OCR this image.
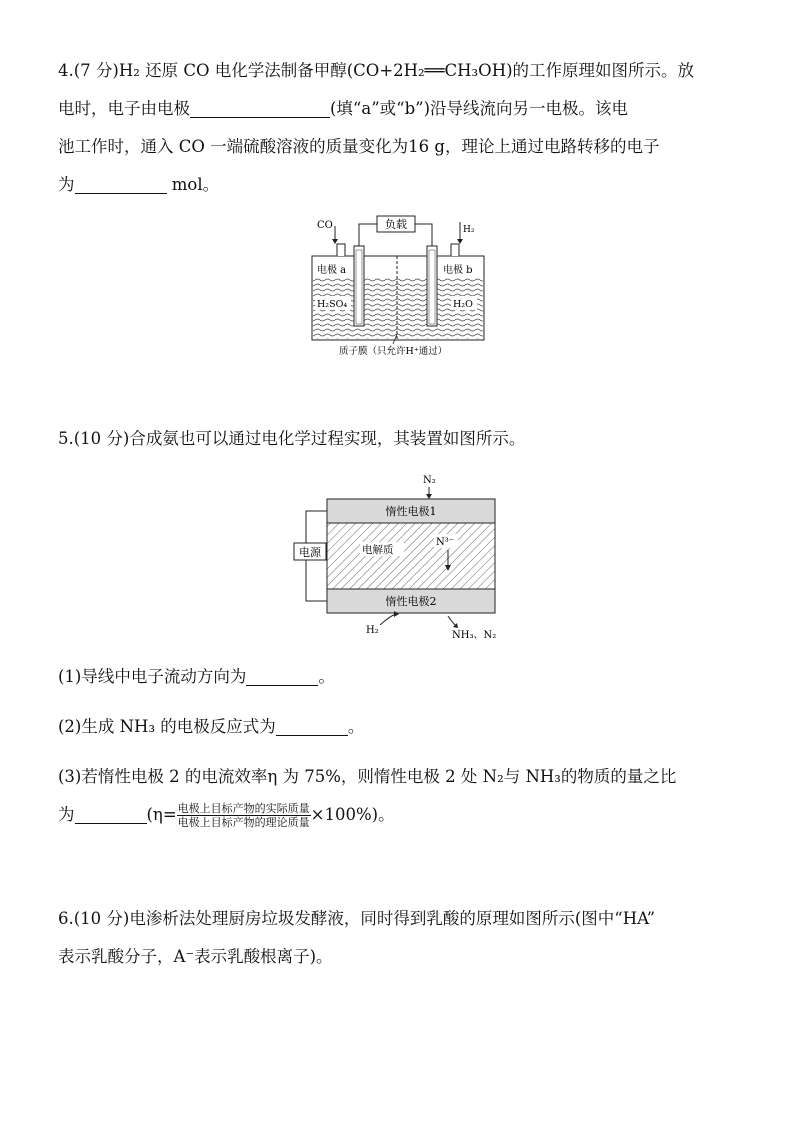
4.(7 分)H₂ 还原 CO 电化学法制备甲醇(CO+2H₂══CH₃OH)的工作原理如图所示。放

电时，电子由电极	(填“a”或“b”)沿导线流向另一电极。该电

池工作时，通入 CO 一端硫酸溶液的质量变化为16 g，理论上通过电路转移的电子

为	mol。

CO	H₂
负载
电极 a	电极 b
H₂SO₄	H₂O
质子膜（只允许H⁺通过）

5.(10 分)合成氨也可以通过电化学过程实现，其装置如图所示。

N₂
惰性电极1
电解质
N³⁻
惰性电极2
电源
H₂	NH₃、N₂

(1)导线中电子流动方向为	。

(2)生成 NH₃ 的电极反应式为	。

(3)若惰性电极 2 的电流效率η 为 75%，则惰性电极 2 处 N₂与 NH₃的物质的量之比

为	$(\eta= \frac{\text{电极上目标产物的实际质量}}{\text{电极上目标产物的理论质量}} \times 100\%)$。

6.(10 分)电渗析法处理厨房垃圾发酵液，同时得到乳酸的原理如图所示(图中“HA”

表示乳酸分子，A⁻表示乳酸根离子)。
